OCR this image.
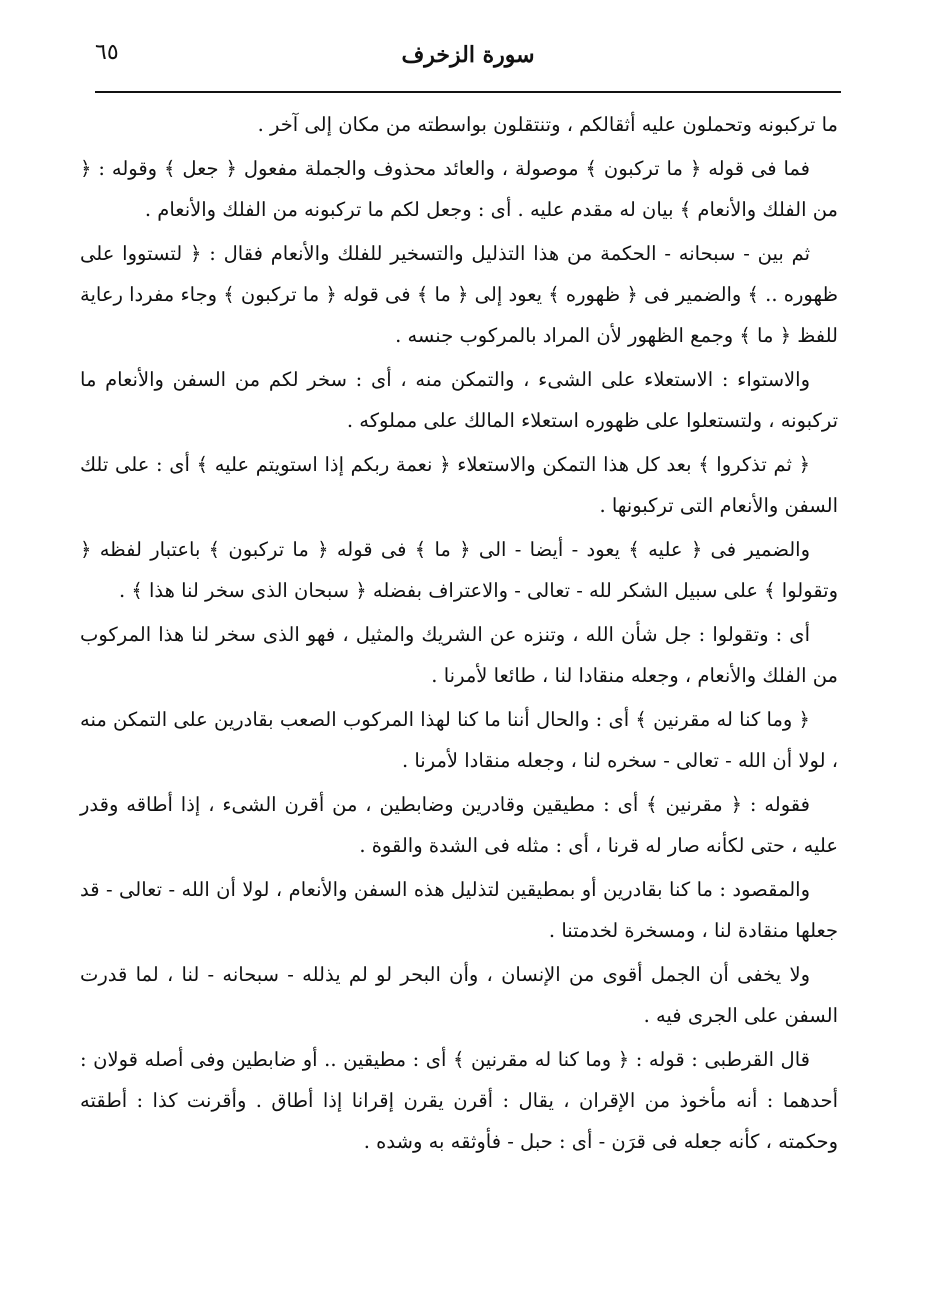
سورة الزخرف
٦٥

ما تركبونه وتحملون عليه أثقالكم ، وتنتقلون بواسطته من مكان إلى آخر .

فما فى قوله ﴿ ما تركبون ﴾ موصولة ، والعائد محذوف والجملة مفعول ﴿ جعل ﴾ وقوله : ﴿ من الفلك والأنعام ﴾ بيان له مقدم عليه . أى : وجعل لكم ما تركبونه من الفلك والأنعام .

ثم بين - سبحانه - الحكمة من هذا التذليل والتسخير للفلك والأنعام فقال : ﴿ لتستووا على ظهوره .. ﴾ والضمير فى ﴿ ظهوره ﴾ يعود إلى ﴿ ما ﴾ فى قوله ﴿ ما تركبون ﴾ وجاء مفردا رعاية للفظ ﴿ ما ﴾ وجمع الظهور لأن المراد بالمركوب جنسه .

والاستواء : الاستعلاء على الشىء ، والتمكن منه ، أى : سخر لكم من السفن والأنعام ما تركبونه ، ولتستعلوا على ظهوره استعلاء المالك على مملوكه .

﴿ ثم تذكروا ﴾ بعد كل هذا التمكن والاستعلاء ﴿ نعمة ربكم إذا استويتم عليه ﴾ أى : على تلك السفن والأنعام التى تركبونها .

والضمير فى ﴿ عليه ﴾ يعود - أيضا - الى ﴿ ما ﴾ فى قوله ﴿ ما تركبون ﴾ باعتبار لفظه ﴿ وتقولوا ﴾ على سبيل الشكر لله - تعالى - والاعتراف بفضله ﴿ سبحان الذى سخر لنا هذا ﴾ .

أى : وتقولوا : جل شأن الله ، وتنزه عن الشريك والمثيل ، فهو الذى سخر لنا هذا المركوب من الفلك والأنعام ، وجعله منقادا لنا ، طائعا لأمرنا .

﴿ وما كنا له مقرنين ﴾ أى : والحال أننا ما كنا لهذا المركوب الصعب بقادرين على التمكن منه ، لولا أن الله - تعالى - سخره لنا ، وجعله منقادا لأمرنا .

فقوله : ﴿ مقرنين ﴾ أى : مطيقين وقادرين وضابطين ، من أقرن الشىء ، إذا أطاقه وقدر عليه ، حتى لكأنه صار له قرنا ، أى : مثله فى الشدة والقوة .

والمقصود : ما كنا بقادرين أو بمطيقين لتذليل هذه السفن والأنعام ، لولا أن الله - تعالى - قد جعلها منقادة لنا ، ومسخرة لخدمتنا .

ولا يخفى أن الجمل أقوى من الإنسان ، وأن البحر لو لم يذلله - سبحانه - لنا ، لما قدرت السفن على الجرى فيه .

قال القرطبى : قوله : ﴿ وما كنا له مقرنين ﴾ أى : مطيقين .. أو ضابطين وفى أصله قولان : أحدهما : أنه مأخوذ من الإقران ، يقال : أقرن يقرن إقرانا إذا أطاق . وأقرنت كذا : أطقته وحكمته ، كأنه جعله فى قرَن - أى : حبل - فأوثقه به وشده .
